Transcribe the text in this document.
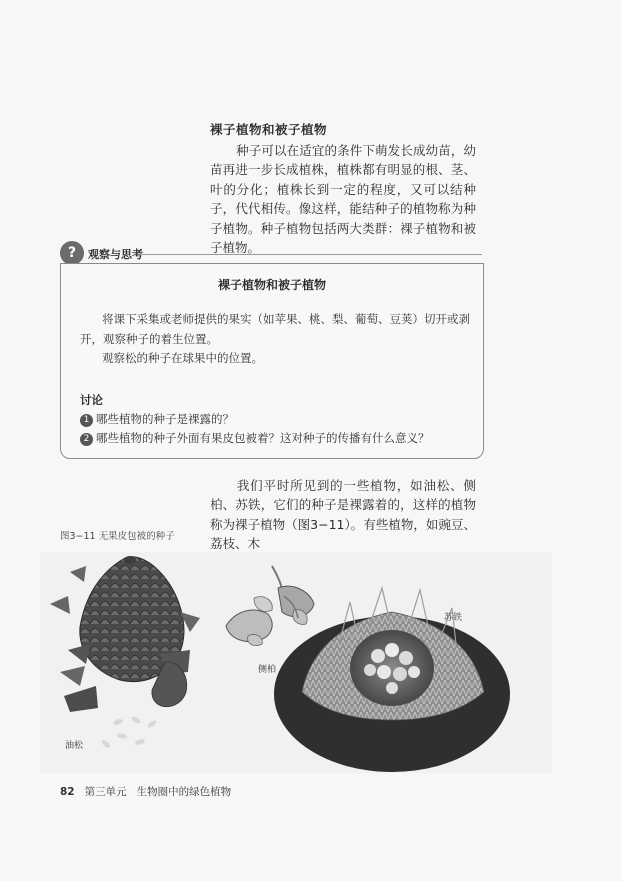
裸子植物和被子植物

种子可以在适宜的条件下萌发长成幼苗，幼苗再进一步长成植株，植株都有明显的根、茎、叶的分化；植株长到一定的程度，又可以结种子，代代相传。像这样，能结种子的植物称为种子植物。种子植物包括两大类群：裸子植物和被子植物。

?	观察与思考
裸子植物和被子植物

将课下采集或老师提供的果实（如苹果、桃、梨、葡萄、豆荚）切开或剥开，观察种子的着生位置。
观察松的种子在球果中的位置。

讨论
1 哪些植物的种子是裸露的？
2 哪些植物的种子外面有果皮包被着？这对种子的传播有什么意义？

我们平时所见到的一些植物，如油松、侧柏、苏铁，它们的种子是裸露着的，这样的植物称为裸子植物（图3−11）。有些植物，如豌豆、荔枝、木

图3−11 无果皮包被的种子
油松
侧柏
苏铁
82 第三单元 生物圈中的绿色植物
